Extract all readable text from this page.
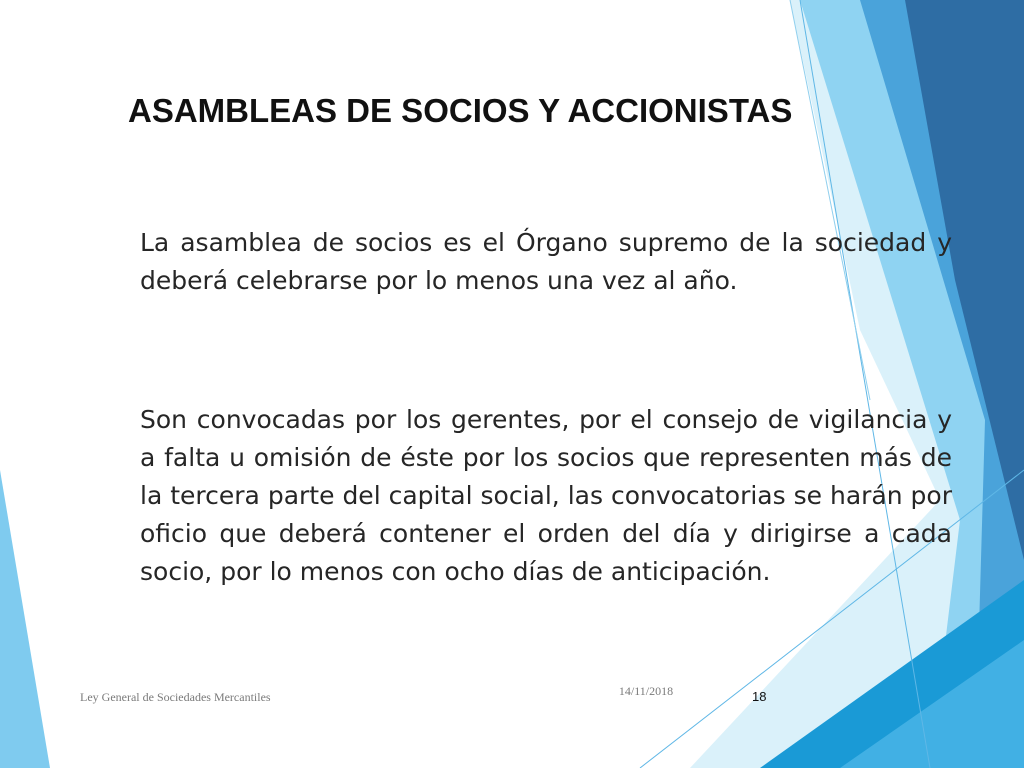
ASAMBLEAS DE SOCIOS Y ACCIONISTAS
La asamblea de socios es el Órgano supremo de la sociedad y deberá celebrarse por lo menos una vez al año.
Son convocadas por los gerentes, por el consejo de vigilancia y a falta u omisión de éste por los socios que representen más de la tercera parte del capital social, las convocatorias se harán por oficio que deberá contener el orden del día y dirigirse a cada socio, por lo menos con ocho días de anticipación.
Ley General de Sociedades Mercantiles	14/11/2018	18
